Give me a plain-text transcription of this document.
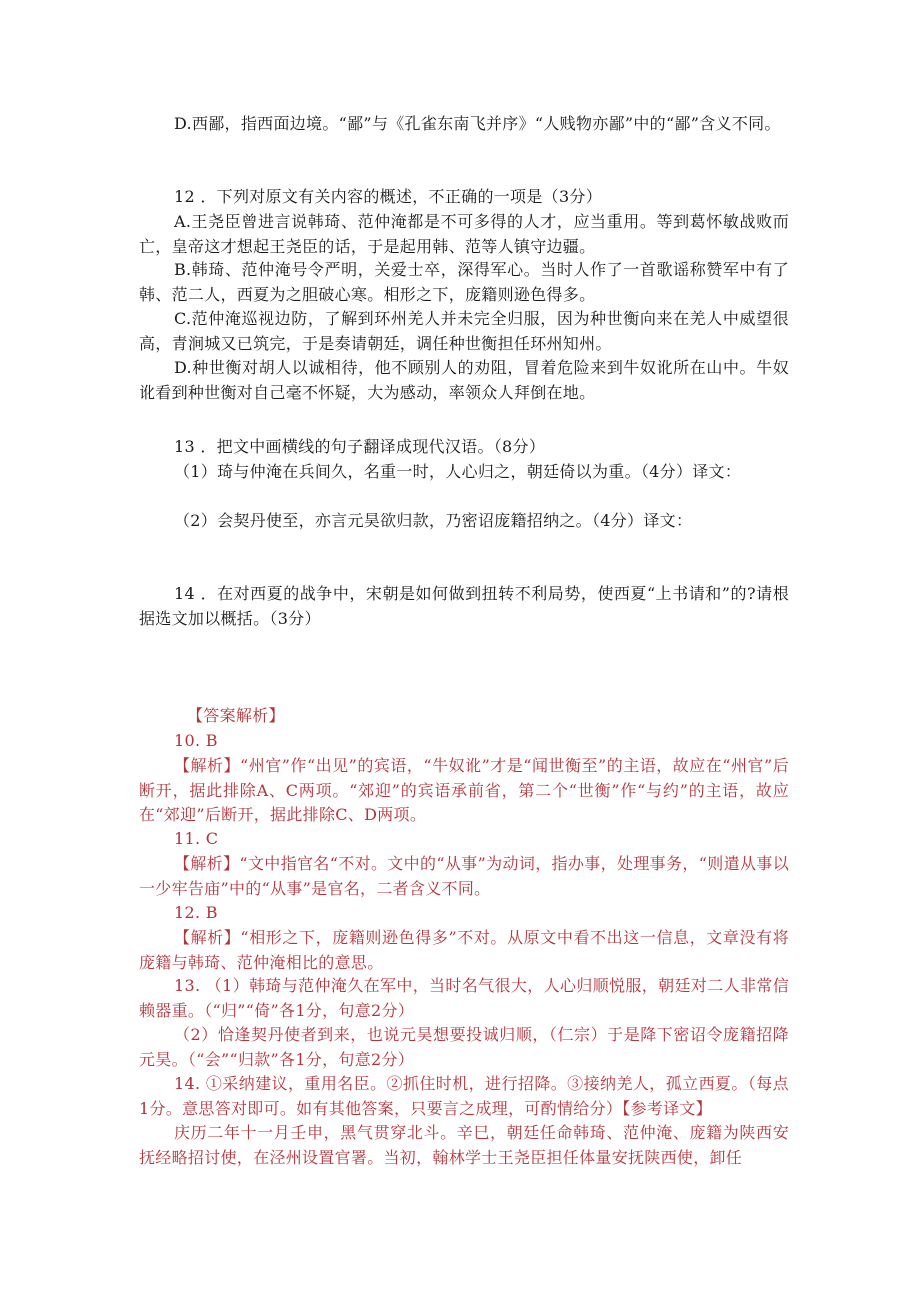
D.西鄙，指西面边境。“鄙”与《孔雀东南飞并序》“人贱物亦鄙”中的“鄙”含义不同。

12 ．下列对原文有关内容的概述，不正确的一项是（3分）

A.王尧臣曾进言说韩琦、范仲淹都是不可多得的人才，应当重用。等到葛怀敏战败而亡，皇帝这才想起王尧臣的话，于是起用韩、范等人镇守边疆。

B.韩琦、范仲淹号令严明，关爱士卒，深得军心。当时人作了一首歌谣称赞军中有了韩、范二人，西夏为之胆破心寒。相形之下，庞籍则逊色得多。

C.范仲淹巡视边防，了解到环州羌人并未完全归服，因为种世衡向来在羌人中威望很高，青涧城又已筑完，于是奏请朝廷，调任种世衡担任环州知州。

D.种世衡对胡人以诚相待，他不顾别人的劝阻，冒着危险来到牛奴讹所在山中。牛奴讹看到种世衡对自己毫不怀疑，大为感动，率领众人拜倒在地。

13 ．把文中画横线的句子翻译成现代汉语。（8分）

（1）琦与仲淹在兵间久，名重一时，人心归之，朝廷倚以为重。（4分）译文：

（2）会契丹使至，亦言元昊欲归款，乃密诏庞籍招纳之。（4分）译文：

14 ．在对西夏的战争中，宋朝是如何做到扭转不利局势，使西夏“上书请和”的?请根据选文加以概括。（3分）

【答案解析】

10. B

【解析】“州官”作“出见”的宾语，“牛奴讹”才是“闻世衡至”的主语，故应在“州官”后断开，据此排除A、C两项。“郊迎”的宾语承前省，第二个“世衡”作“与约”的主语，故应在“郊迎”后断开，据此排除C、D两项。

11. C

【解析】“文中指官名“不对。文中的“从事”为动词，指办事，处理事务，“则遣从事以一少牢告庙”中的“从事”是官名，二者含义不同。

12. B

【解析】“相形之下，庞籍则逊色得多”不对。从原文中看不出这一信息，文章没有将庞籍与韩琦、范仲淹相比的意思。

13. （1）韩琦与范仲淹久在军中，当时名气很大，人心归顺悦服，朝廷对二人非常信赖器重。（“归”“倚”各1分，句意2分）

（2）恰逢契丹使者到来，也说元昊想要投诚归顺，（仁宗）于是降下密诏令庞籍招降元昊。（“会”“归款”各1分，句意2分）

14. ①采纳建议，重用名臣。②抓住时机，进行招降。③接纳羌人，孤立西夏。（每点1分。意思答对即可。如有其他答案，只要言之成理，可酌情给分）【参考译文】

庆历二年十一月壬申，黑气贯穿北斗。辛巳，朝廷任命韩琦、范仲淹、庞籍为陕西安抚经略招讨使，在泾州设置官署。当初，翰林学士王尧臣担任体量安抚陕西使，卸任
